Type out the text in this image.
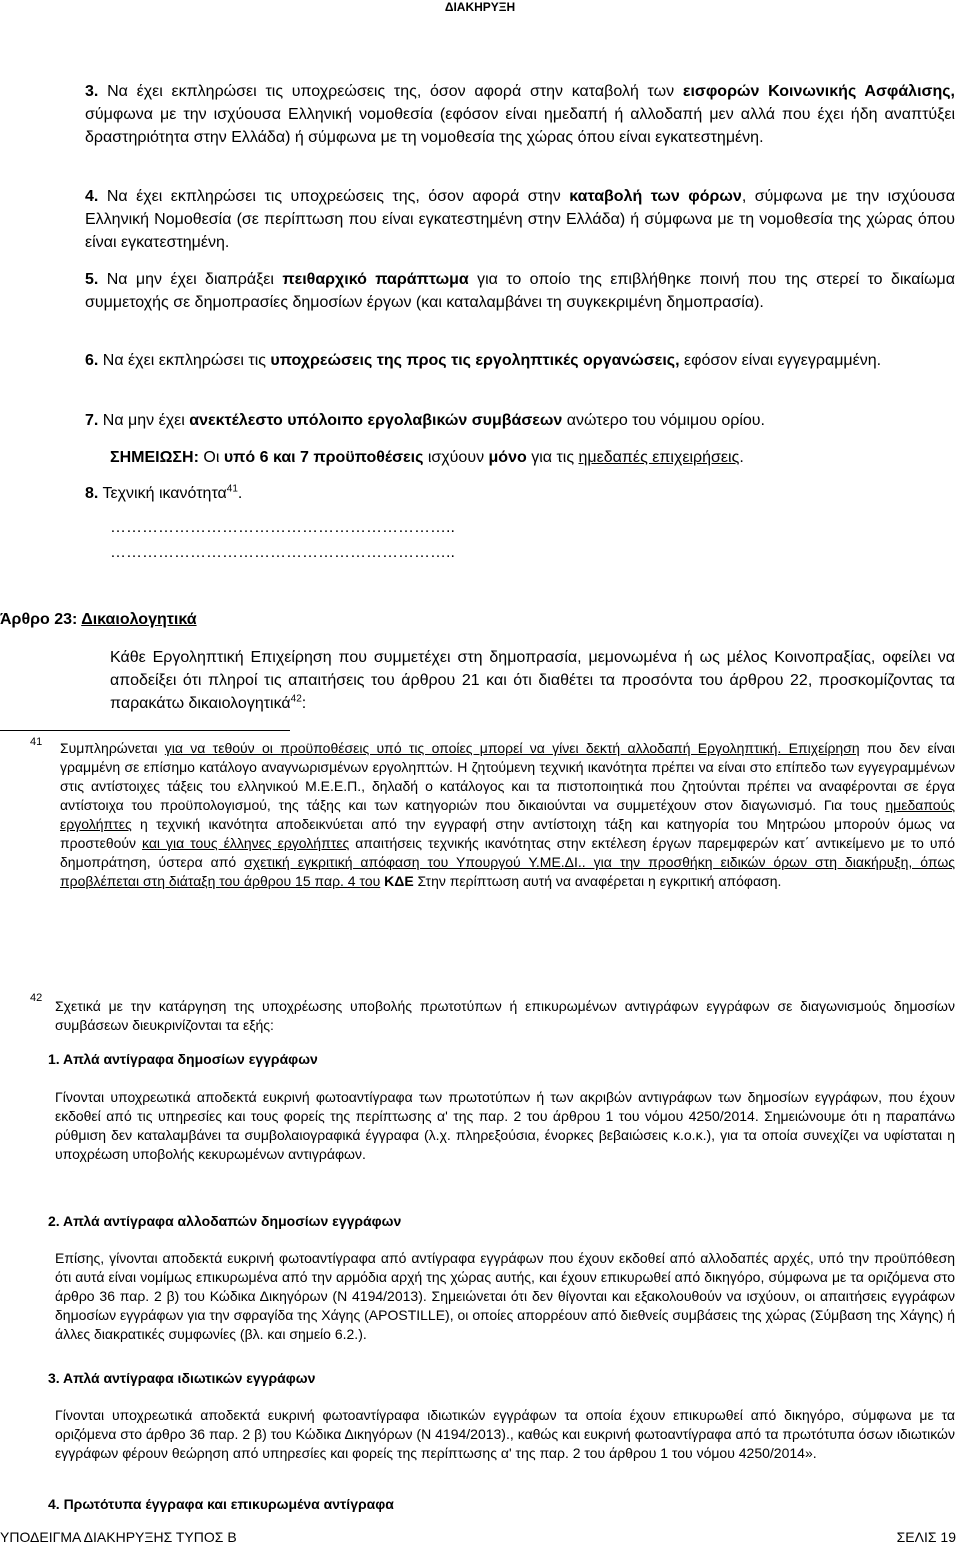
ΔΙΑΚΗΡΥΞΗ
3. Να έχει εκπληρώσει τις υποχρεώσεις της, όσον αφορά στην καταβολή των εισφορών Κοινωνικής Ασφάλισης, σύμφωνα με την ισχύουσα Ελληνική νομοθεσία (εφόσον είναι ημεδαπή ή αλλοδαπή μεν αλλά που έχει ήδη αναπτύξει δραστηριότητα στην Ελλάδα) ή σύμφωνα με τη νομοθεσία της χώρας όπου είναι εγκατεστημένη.
4. Να έχει εκπληρώσει τις υποχρεώσεις της, όσον αφορά στην καταβολή των φόρων, σύμφωνα με την ισχύουσα Ελληνική Νομοθεσία (σε περίπτωση που είναι εγκατεστημένη στην Ελλάδα) ή σύμφωνα με τη νομοθεσία της χώρας όπου είναι εγκατεστημένη.
5. Να μην έχει διαπράξει πειθαρχικό παράπτωμα για το οποίο της επιβλήθηκε ποινή που της στερεί το δικαίωμα συμμετοχής σε δημοπρασίες δημοσίων έργων (και καταλαμβάνει τη συγκεκριμένη δημοπρασία).
6. Να έχει εκπληρώσει τις υποχρεώσεις της προς τις εργοληπτικές οργανώσεις, εφόσον είναι εγγεγραμμένη.
7. Να μην έχει ανεκτέλεστο υπόλοιπο εργολαβικών συμβάσεων ανώτερο του νόμιμου ορίου.
ΣΗΜΕΙΩΣΗ: Οι υπό 6 και 7 προϋποθέσεις ισχύουν μόνο για τις ημεδαπές επιχειρήσεις.
8. Τεχνική ικανότητα$^{41}$.
………………………………………………………..
………………………………………………………..
Άρθρο 23: Δικαιολογητικά
Κάθε Εργοληπτική Επιχείρηση που συμμετέχει στη δημοπρασία, μεμονωμένα ή ως μέλος Κοινοπραξίας, οφείλει να αποδείξει ότι πληροί τις απαιτήσεις του άρθρου 21 και ότι διαθέτει τα προσόντα του άρθρου 22, προσκομίζοντας τα παρακάτω δικαιολογητικά$^{42}$:
41 Συμπληρώνεται για να τεθούν οι προϋποθέσεις υπό τις οποίες μπορεί να γίνει δεκτή αλλοδαπή Εργοληπτική. Επιχείρηση που δεν είναι γραμμένη σε επίσημο κατάλογο αναγνωρισμένων εργοληπτών. Η ζητούμενη τεχνική ικανότητα πρέπει να είναι στο επίπεδο των εγγεγραμμένων στις αντίστοιχες τάξεις του ελληνικού Μ.Ε.Ε.Π., δηλαδή ο κατάλογος και τα πιστοποιητικά που ζητούνται πρέπει να αναφέρονται σε έργα αντίστοιχα του προϋπολογισμού, της τάξης και των κατηγοριών που δικαιούνται να συμμετέχουν στον διαγωνισμό. Για τους ημεδαπούς εργολήπτες η τεχνική ικανότητα αποδεικνύεται από την εγγραφή στην αντίστοιχη τάξη και κατηγορία του Μητρώου μπορούν όμως να προστεθούν και για τους έλληνες εργολήπτες απαιτήσεις τεχνικής ικανότητας στην εκτέλεση έργων παρεμφερών κατ΄ αντικείμενο με το υπό δημοπράτηση, ύστερα από σχετική εγκριτική απόφαση του Υπουργού Υ.ΜΕ.ΔΙ.. για την προσθήκη ειδικών όρων στη διακήρυξη, όπως προβλέπεται στη διάταξη του άρθρου 15 παρ. 4 του ΚΔΕ Στην περίπτωση αυτή να αναφέρεται η εγκριτική απόφαση.
42 Σχετικά με την κατάργηση της υποχρέωσης υποβολής πρωτοτύπων ή επικυρωμένων αντιγράφων εγγράφων σε διαγωνισμούς δημοσίων συμβάσεων διευκρινίζονται τα εξής:
1. Απλά αντίγραφα δημοσίων εγγράφων
Γίνονται υποχρεωτικά αποδεκτά ευκρινή φωτοαντίγραφα των πρωτοτύπων ή των ακριβών αντιγράφων των δημοσίων εγγράφων, που έχουν εκδοθεί από τις υπηρεσίες και τους φορείς της περίπτωσης α' της παρ. 2 του άρθρου 1 του νόμου 4250/2014. Σημειώνουμε ότι η παραπάνω ρύθμιση δεν καταλαμβάνει τα συμβολαιογραφικά έγγραφα (λ.χ. πληρεξούσια, ένορκες βεβαιώσεις κ.ο.κ.), για τα οποία συνεχίζει να υφίσταται η υποχρέωση υποβολής κεκυρωμένων αντιγράφων.
2. Απλά αντίγραφα αλλοδαπών δημοσίων εγγράφων
Επίσης, γίνονται αποδεκτά ευκρινή φωτοαντίγραφα από αντίγραφα εγγράφων που έχουν εκδοθεί από αλλοδαπές αρχές, υπό την προϋπόθεση ότι αυτά είναι νομίμως επικυρωμένα από την αρμόδια αρχή της χώρας αυτής, και έχουν επικυρωθεί από δικηγόρο, σύμφωνα με τα οριζόμενα στο άρθρο 36 παρ. 2 β) του Κώδικα Δικηγόρων (Ν 4194/2013). Σημειώνεται ότι δεν θίγονται και εξακολουθούν να ισχύουν, οι απαιτήσεις εγγράφων δημοσίων εγγράφων για την σφραγίδα της Χάγης (APOSTILLE), οι οποίες απορρέουν από διεθνείς συμβάσεις της χώρας (Σύμβαση της Χάγης) ή άλλες διακρατικές συμφωνίες (βλ. και σημείο 6.2.).
3. Απλά αντίγραφα ιδιωτικών εγγράφων
Γίνονται υποχρεωτικά αποδεκτά ευκρινή φωτοαντίγραφα ιδιωτικών εγγράφων τα οποία έχουν επικυρωθεί από δικηγόρο, σύμφωνα με τα οριζόμενα στο άρθρο 36 παρ. 2 β) του Κώδικα Δικηγόρων (Ν 4194/2013)., καθώς και ευκρινή φωτοαντίγραφα από τα πρωτότυπα όσων ιδιωτικών εγγράφων φέρουν θεώρηση από υπηρεσίες και φορείς της περίπτωσης α' της παρ. 2 του άρθρου 1 του νόμου 4250/2014».
4. Πρωτότυπα έγγραφα και επικυρωμένα αντίγραφα
ΥΠΟΔΕΙΓΜΑ ΔΙΑΚΗΡΥΞΗΣ ΤΥΠΟΣ Β	ΣΕΛΙΣ 19
